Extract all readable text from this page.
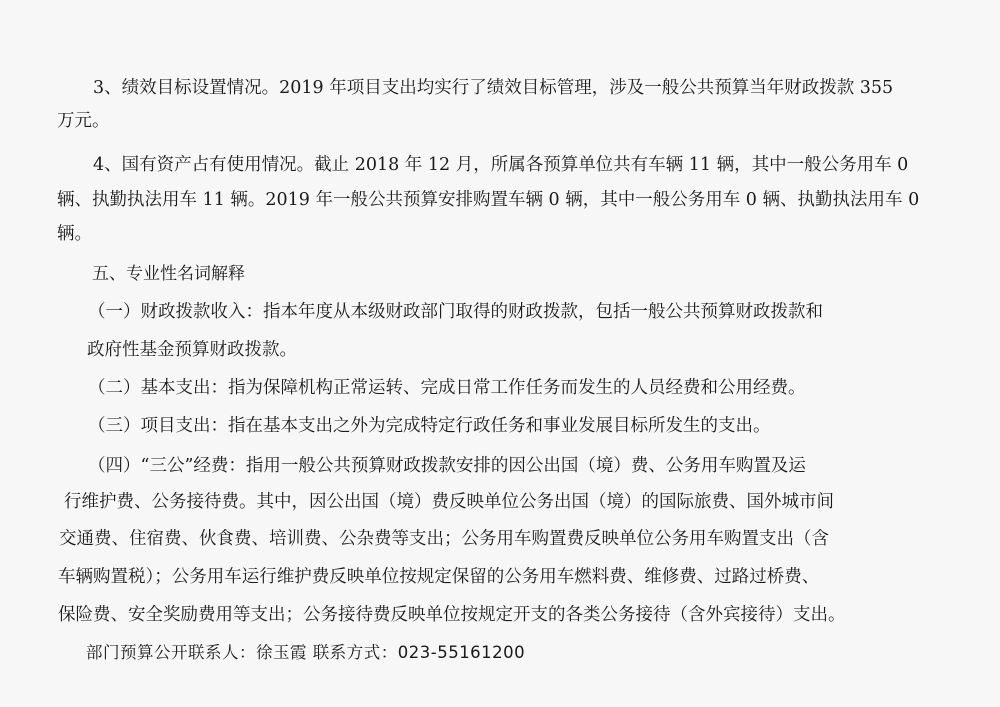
3、绩效目标设置情况。2019 年项目支出均实行了绩效目标管理，涉及一般公共预算当年财政拨款 355
万元。
4、国有资产占有使用情况。截止 2018 年 12 月，所属各预算单位共有车辆 11 辆，其中一般公务用车 0
辆、执勤执法用车 11 辆。2019 年一般公共预算安排购置车辆 0 辆，其中一般公务用车 0 辆、执勤执法用车 0
辆。
五、专业性名词解释
（一）财政拨款收入：指本年度从本级财政部门取得的财政拨款，包括一般公共预算财政拨款和
政府性基金预算财政拨款。
（二）基本支出：指为保障机构正常运转、完成日常工作任务而发生的人员经费和公用经费。
（三）项目支出：指在基本支出之外为完成特定行政任务和事业发展目标所发生的支出。
（四）“三公”经费：指用一般公共预算财政拨款安排的因公出国（境）费、公务用车购置及运
行维护费、公务接待费。其中，因公出国（境）费反映单位公务出国（境）的国际旅费、国外城市间
交通费、住宿费、伙食费、培训费、公杂费等支出；公务用车购置费反映单位公务用车购置支出（含
车辆购置税）；公务用车运行维护费反映单位按规定保留的公务用车燃料费、维修费、过路过桥费、
保险费、安全奖励费用等支出；公务接待费反映单位按规定开支的各类公务接待（含外宾接待）支出。
部门预算公开联系人：徐玉霞 联系方式：023-55161200
